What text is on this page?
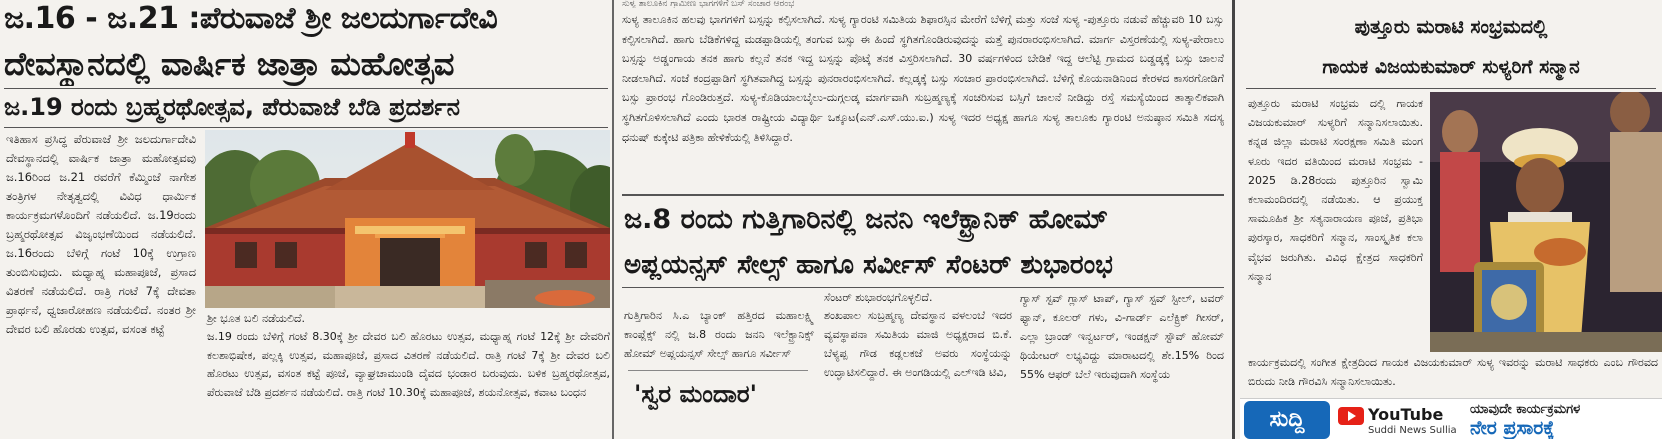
ಜ.16 - ಜ.21 :ಪೆರುವಾಜೆ ಶ್ರೀ ಜಲದುರ್ಗಾದೇವಿ
ದೇವಸ್ಥಾನದಲ್ಲಿ ವಾರ್ಷಿಕ ಜಾತ್ರಾ ಮಹೋತ್ಸವ
ಜ.19 ರಂದು ಬ್ರಹ್ಮರಥೋತ್ಸವ, ಪೆರುವಾಜೆ ಬೆಡಿ ಪ್ರದರ್ಶನ
ಇತಿಹಾಸ ಪ್ರಸಿದ್ಧ ಪೆರುವಾಜೆ ಶ್ರೀ ಜಲದುರ್ಗಾದೇವಿ ದೇವಸ್ಥಾನದಲ್ಲಿ ವಾರ್ಷಿಕ ಜಾತ್ರಾ ಮಹೋತ್ಸವವು ಜ.16ರಿಂದ ಜ.21 ರವರೆಗೆ ಕೆಮ್ಮಿಂಜೆ ನಾಗೇಶ ತಂತ್ರಿಗಳ ನೇತೃತ್ವದಲ್ಲಿ ವಿವಿಧ ಧಾರ್ಮಿಕ ಕಾರ್ಯಕ್ರಮಗಳೊಂದಿಗೆ ನಡೆಯಲಿದೆ. ಜ.19ರಂದು ಬ್ರಹ್ಮರಥೋತ್ಸವ ವಿಜೃಂಭಣೆಯಿಂದ ನಡೆಯಲಿದೆ. ಜ.16ರಂದು ಬೆಳಿಗ್ಗೆ ಗಂಟೆ 10ಕ್ಕೆ ಉಗ್ರಾಣ ತುಂಬಿಸುವುದು. ಮಧ್ಯಾಹ್ನ ಮಹಾಪೂಜೆ, ಪ್ರಸಾದ ವಿತರಣೆ ನಡೆಯಲಿದೆ. ರಾತ್ರಿ ಗಂಟೆ 7ಕ್ಕೆ ದೇವತಾ ಪ್ರಾರ್ಥನೆ, ಧ್ವಜಾರೋಹಣ ನಡೆಯಲಿದೆ. ನಂತರ ಶ್ರೀ ದೇವರ ಬಲಿ ಹೊರಡು ಉತ್ಸವ, ವಸಂತ ಕಟ್ಟೆ
ಶ್ರೀ ಭೂತ ಬಲಿ ನಡೆಯಲಿದೆ.
ಜ.19 ರಂದು ಬೆಳಿಗ್ಗೆ ಗಂಟೆ 8.30ಕ್ಕೆ ಶ್ರೀ ದೇವರ ಬಲಿ ಹೊರಟು ಉತ್ಸವ, ಮಧ್ಯಾಹ್ನ ಗಂಟೆ 12ಕ್ಕೆ ಶ್ರೀ ದೇವರಿಗೆ ಕಲಶಾಭಿಷೇಕ, ಪಲ್ಲಕ್ಕಿ ಉತ್ಸವ, ಮಹಾಪೂಜೆ, ಪ್ರಸಾದ ವಿತರಣೆ ನಡೆಯಲಿದೆ. ರಾತ್ರಿ ಗಂಟೆ 7ಕ್ಕೆ ಶ್ರೀ ದೇವರ ಬಲಿ ಹೊರಟು ಉತ್ಸವ, ವಸಂತ ಕಟ್ಟೆ ಪೂಜೆ, ವ್ಯಾಘ್ರಚಾಮುಂಡಿ ದೈವದ ಭಂಡಾರ ಬರುವುದು. ಬಳಿಕ ಬ್ರಹ್ಮರಥೋತ್ಸವ, ಪೆರುವಾಜೆ ಬೆಡಿ ಪ್ರದರ್ಶನ ನಡೆಯಲಿದೆ. ರಾತ್ರಿ ಗಂಟೆ 10.30ಕ್ಕೆ ಮಹಾಪೂಜೆ, ಶಯನೋತ್ಸವ, ಕವಾಟ ಬಂಧನ
ಸುಳ್ಯ ತಾಲೂಕಿನ ಗ್ರಾಮೀಣ ಭಾಗಗಳಿಗೆ ಬಸ್ ಸಂಚಾರ ಆರಂಭ
ಸುಳ್ಯ ತಾಲೂಕಿನ ಹಲವು ಭಾಗಗಳಿಗೆ ಬಸ್ಸನ್ನು ಕಲ್ಪಿಸಲಾಗಿದೆ. ಸುಳ್ಯ ಗ್ಯಾರಂಟಿ ಸಮಿತಿಯ ಶಿಫಾರಸ್ಸಿನ ಮೇರೆಗೆ ಬೆಳಿಗ್ಗೆ ಮತ್ತು ಸಂಜೆ ಸುಳ್ಯ -ಪುತ್ತೂರು ನಡುವೆ ಹೆಚ್ಚುವರಿ 10 ಬಸ್ಸು ಕಲ್ಪಿಸಲಾಗಿದೆ. ಹಾಗು ಬೆಡಿಕೆಗಳಿದ್ದ ಮಡಪ್ಪಾಡಿಯಲ್ಲಿ ತಂಗುವ ಬಸ್ಸು ಈ ಹಿಂದೆ ಸ್ಥಗಿತಗೊಂಡಿರುವುದನ್ನು ಮತ್ತೆ ಪುನರಾರಂಭಿಸಲಾಗಿದೆ. ಮಾರ್ಗ ವಿಸ್ತರಣೆಯಲ್ಲಿ ಸುಳ್ಯ-ಪೇರಾಲು ಬಸ್ಸನ್ನು ಅಡ್ಡಂಗಾಯ ತನಕ ಹಾಗು ಕಲ್ಲನೆ ತನಕ ಇದ್ದ ಬಸ್ಸನ್ನು ಪೊಟ್ಕೆ ತನಕ ವಿಸ್ತರಿಸಲಾಗಿದೆ. 30 ವರ್ಷಗಳಿಂದ ಬೇಡಿಕೆ ಇದ್ದ ಆಲೆಟ್ಟಿ ಗ್ರಾಮದ ಬಡ್ಡಡ್ಕಕ್ಕೆ ಬಸ್ಸು ಚಾಲನೆ ನೀಡಲಾಗಿದೆ. ಸಂಜೆ ಕಂದ್ರಪ್ಪಾಡಿಗೆ ಸ್ಥಗಿತವಾಗಿದ್ದ ಬಸ್ಸನ್ನು ಪುನರಾರಂಭಿಸಲಾಗಿದೆ. ಕಲ್ಲಡ್ಕಕ್ಕೆ ಬಸ್ಸು ಸಂಚಾರ ಪ್ರಾರಂಭಿಸಲಾಗಿದೆ. ಬೆಳಿಗ್ಗೆ ಕೊಯನಾಡಿನಿಂದ ಕೇರಳದ ಕಾಸರಗೋಡಿಗೆ ಬಸ್ಸು ಪ್ರಾರಂಭ ಗೊಂಡಿರುತ್ತದೆ. ಸುಳ್ಯ-ಕೊಡಿಯಾಲಬೈಲು-ದುಗ್ಗಲಡ್ಕ ಮಾರ್ಗವಾಗಿ ಸುಬ್ರಹ್ಮಣ್ಯಕ್ಕೆ ಸಂಚರಿಸುವ ಬಸ್ಸಿಗೆ ಚಾಲನೆ ನೀಡಿದ್ದು ರಸ್ತೆ ಸಮಸ್ಯೆಯಿಂದ ತಾತ್ಕಾಲಿಕವಾಗಿ ಸ್ಥಗಿತಗೊಳಿಸಲಾಗಿದೆ ಎಂದು ಭಾರತ ರಾಷ್ಟ್ರೀಯ ವಿದ್ಯಾರ್ಥಿ ಒಕ್ಕೂಟ(ಎನ್.ಎಸ್.ಯು.ಐ.) ಸುಳ್ಯ ಇದರ ಅಧ್ಯಕ್ಷ ಹಾಗೂ ಸುಳ್ಯ ತಾಲೂಕು ಗ್ಯಾರಂಟಿ ಅನುಷ್ಠಾನ ಸಮಿತಿ ಸದಸ್ಯ ಧನುಷ್ ಕುಕ್ಕೇಟಿ ಪತ್ರಿಕಾ ಹೇಳಿಕೆಯಲ್ಲಿ ತಿಳಿಸಿದ್ದಾರೆ.
ಜ.8 ರಂದು ಗುತ್ತಿಗಾರಿನಲ್ಲಿ ಜನನಿ ಇಲೆಕ್ಟ್ರಾನಿಕ್ ಹೋಮ್
ಅಪ್ಲಯನ್ಸಸ್ ಸೇಲ್ಸ್ ಹಾಗೂ ಸರ್ವೀಸ್ ಸೆಂಟರ್ ಶುಭಾರಂಭ
ಗುತ್ತಿಗಾರಿನ ಸಿ.ಎ ಬ್ಯಾಂಕ್ ಹತ್ತಿರದ ಮಹಾಲಕ್ಷ್ಮಿ ಕಾಂಪ್ಲೆಕ್ಸ್ ನಲ್ಲಿ ಜ.8 ರಂದು ಜನನಿ ಇಲೆಕ್ಟ್ರಾನಿಕ್ಸ್ ಹೋಮ್ ಅಪ್ಲಯನ್ಸಸ್ ಸೇಲ್ಸ್ ಹಾಗೂ ಸರ್ವೀಸ್
ಸೆಂಟರ್ ಶುಭಾರಂಭಗೊಳ್ಳಲಿದೆ.
ಶಂಖಪಾಲ ಸುಬ್ರಹ್ಮಣ್ಯ ದೇವಸ್ಥಾನ ವಳಲಂಬೆ ಇದರ ವ್ಯವಸ್ಥಾಪನಾ ಸಮಿತಿಯ ಮಾಜಿ ಅಧ್ಯಕ್ಷರಾದ ಬಿ.ಕೆ. ಬೆಳ್ಯಪ್ಪ ಗೌಡ ಕಡ್ಲಲಕಜೆ ಅವರು ಸಂಸ್ಥೆಯನ್ನು ಉದ್ಘಾಟಿಸಲಿದ್ದಾರೆ. ಈ ಅಂಗಡಿಯಲ್ಲಿ ಎಲ್ಇಡಿ ಟಿವಿ,
ಗ್ಯಾಸ್ ಸ್ಟವ್ ಗ್ಲಾಸ್ ಟಾಪ್, ಗ್ಯಾಸ್ ಸ್ಟವ್ ಸ್ಟೀಲ್, ಟವರ್ ಫ್ಯಾನ್, ಕೂಲರ್ ಗಳು, ವಿ-ಗಾರ್ಡ್ ಎಲೆಕ್ಟ್ರಿಕ್ ಗೀಸರ್, ಎಲ್ಲಾ ಬ್ರಾಂಡ್ ಇನ್ವರ್ಟರ್, ಇಂಡಕ್ಷನ್ ಸ್ಟೌವ್ ಹೋಮ್ ಥಿಯೇಟರ್ ಲಭ್ಯವಿದ್ದು ಮಾರಾಟದಲ್ಲಿ ಶೇ.15% ರಿಂದ 55% ಆಫರ್ ಬೆಲೆ ಇರುವುದಾಗಿ ಸಂಸ್ಥೆಯ
'ಸ್ವರ ಮಂದಾರ'
ಪುತ್ತೂರು ಮರಾಟಿ ಸಂಭ್ರಮದಲ್ಲಿ
ಗಾಯಕ ವಿಜಯಕುಮಾರ್ ಸುಳ್ಯರಿಗೆ ಸನ್ಮಾನ
ಪುತ್ತೂರು ಮರಾಟಿ ಸಂಭ್ರಮ ದಲ್ಲಿ ಗಾಯಕ ವಿಜಯಕುಮಾರ್ ಸುಳ್ಯರಿಗೆ ಸನ್ಮಾನಿಸಲಾಯಿತು. ಕನ್ನಡ ಜಿಲ್ಲಾ ಮರಾಟಿ ಸಂರಕ್ಷಣಾ ಸಮಿತಿ ಮಂಗ ಳೂರು ಇದರ ವತಿಯಿಂದ ಮರಾಟಿ ಸಂಭ್ರಮ - 2025 ಡಿ.28ರಂದು ಪುತ್ತೂರಿನ ಸ್ವಾಮಿ ಕಲಾಮಂದಿರದಲ್ಲಿ ನಡೆಯಿತು. ಆ ಪ್ರಯುಕ್ತ ಸಾಮೂಹಿಕ ಶ್ರೀ ಸತ್ಯನಾರಾಯಣ ಪೂಜೆ, ಪ್ರತಿಭಾ ಪುರಸ್ಕಾರ, ಸಾಧಕರಿಗೆ ಸನ್ಮಾನ, ಸಾಂಸ್ಕೃತಿಕ ಕಲಾ ವೈಭವ ಜರುಗಿತು. ವಿವಿಧ ಕ್ಷೇತ್ರದ ಸಾಧಕರಿಗೆ ಸನ್ಮಾನ
ಕಾರ್ಯಕ್ರಮದಲ್ಲಿ ಸಂಗೀತ ಕ್ಷೇತ್ರದಿಂದ ಗಾಯಕ ವಿಜಯಕುಮಾರ್ ಸುಳ್ಯ ಇವರನ್ನು ಮರಾಟಿ ಸಾಧಕರು ಎಂಬ ಗೌರವದ ಬಿರುದು ನೀಡಿ ಗೌರವಿಸಿ ಸನ್ಮಾನಿಸಲಾಯಿತು.
ಸುದ್ದಿ	YouTube
Suddi News Sullia
ಯಾವುದೇ ಕಾರ್ಯಕ್ರಮಗಳ
ನೇರ ಪ್ರಸಾರಕ್ಕೆ
